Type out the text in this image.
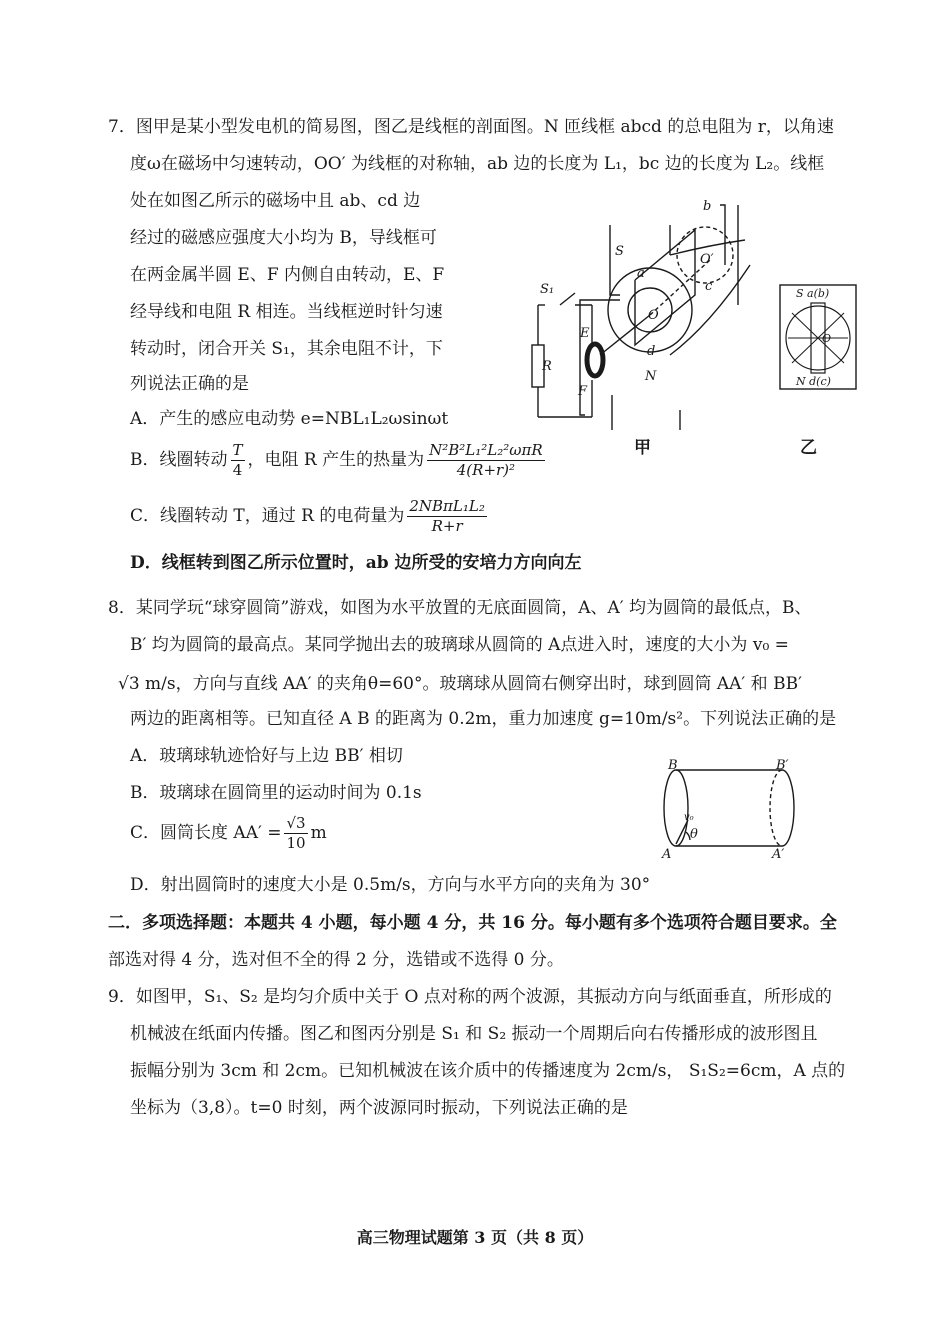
7．图甲是某小型发电机的简易图，图乙是线框的剖面图。N 匝线框 abcd 的总电阻为 r，以角速
度ω在磁场中匀速转动，OO′ 为线框的对称轴，ab 边的长度为 L₁，bc 边的长度为 L₂。线框
处在如图乙所示的磁场中且 ab、cd 边
经过的磁感应强度大小均为 B，导线框可
在两金属半圆 E、F 内侧自由转动，E、F
经导线和电阻 R 相连。当线框逆时针匀速
转动时，闭合开关 S₁，其余电阻不计，下
列说法正确的是
A．产生的感应电动势 e=NBL₁L₂ωsinωt
B．线圈转动 $\frac{T}{4}$ ，电阻 R 产生的热量为 $\frac{\text{N²B²L₁²L₂²ωπR}}{\text{4(R+r)²}}$
C．线圈转动 T，通过 R 的电荷量为 $\frac{\text{2NBπL₁L₂}}{R+r}$
D．线框转到图乙所示位置时，ab 边所受的安培力方向向左
S₁
R
E
F
S
N
a
b
c
d
O
O′
甲
S a(b)
N d(c)
O
乙
8．某同学玩“球穿圆筒”游戏，如图为水平放置的无底面圆筒，A、A′ 均为圆筒的最低点，B、
B′ 均为圆筒的最高点。某同学抛出去的玻璃球从圆筒的 A点进入时，速度的大小为 v₀ =
√3 m/s，方向与直线 AA′ 的夹角θ=60°。玻璃球从圆筒右侧穿出时，球到圆筒 AA′ 和 BB′
两边的距离相等。已知直径 A B 的距离为 0.2m，重力加速度 g=10m/s²。下列说法正确的是
A．玻璃球轨迹恰好与上边 BB′ 相切
B．玻璃球在圆筒里的运动时间为 0.1s
C．圆筒长度 $AA' = \frac{√3}{10}$ m
D．射出圆筒时的速度大小是 0.5m/s，方向与水平方向的夹角为 30°
B	B′
A	A′
v₀
θ
二．多项选择题：本题共 4 小题，每小题 4 分，共 16 分。每小题有多个选项符合题目要求。全
部选对得 4 分，选对但不全的得 2 分，选错或不选得 0 分。
9．如图甲，S₁、S₂ 是均匀介质中关于 O 点对称的两个波源，其振动方向与纸面垂直，所形成的
机械波在纸面内传播。图乙和图丙分别是 S₁ 和 S₂ 振动一个周期后向右传播形成的波形图且
振幅分别为 3cm 和 2cm。已知机械波在该介质中的传播速度为 2cm/s， S₁S₂=6cm，A 点的
坐标为（3,8）。t=0 时刻，两个波源同时振动，下列说法正确的是
高三物理试题第 3 页（共 8 页）
